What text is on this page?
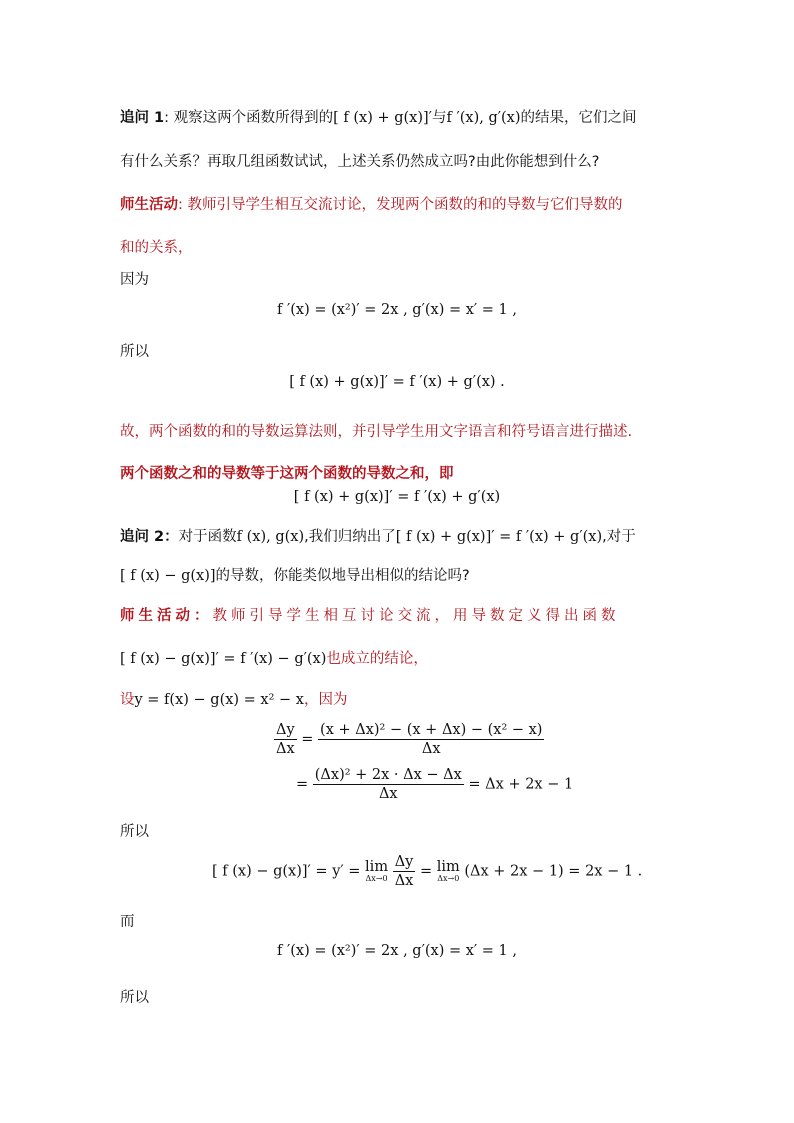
追问 1: 观察这两个函数所得到的[ f (x) + g(x)]′与f ′(x), g′(x)的结果，它们之间
有什么关系？再取几组函数试试，上述关系仍然成立吗?由此你能想到什么?
师生活动: 教师引导学生相互交流讨论，发现两个函数的和的导数与它们导数的
和的关系，
因为
f ′(x) = (x²)′ = 2x , g′(x) = x′ = 1 ,
所以
[ f (x) + g(x)]′ = f ′(x) + g′(x) .
故，两个函数的和的导数运算法则，并引导学生用文字语言和符号语言进行描述.
两个函数之和的导数等于这两个函数的导数之和，即
[ f (x) + g(x)]′ = f ′(x) + g′(x)
追问 2：对于函数f (x), g(x),我们归纳出了[ f (x) + g(x)]′ = f ′(x) + g′(x),对于
[ f (x) − g(x)]的导数，你能类似地导出相似的结论吗?
师生活动：教师引导学生相互讨论交流，用导数定义得出函数
[ f (x) − g(x)]′ = f ′(x) − g′(x)也成立的结论，
设y = f(x) − g(x) = x² − x，因为
$\frac{\Delta y}{\Delta x} = \frac{\text{(x + Δx)² − (x + Δx) − (x² − x)}}{\Delta x}$
= $\frac{\text{(Δx)² + 2x · Δx − Δx}}{\Delta x} = \Delta x + 2x - 1$
所以
[ f (x) − g(x)]′ = y′ = lim
Δx→0
$\frac{\Delta y}{\Delta x} = \lim$
Δx→0 (Δx + 2x − 1) = 2x − 1 .
而
f ′(x) = (x²)′ = 2x , g′(x) = x′ = 1 ,
所以
